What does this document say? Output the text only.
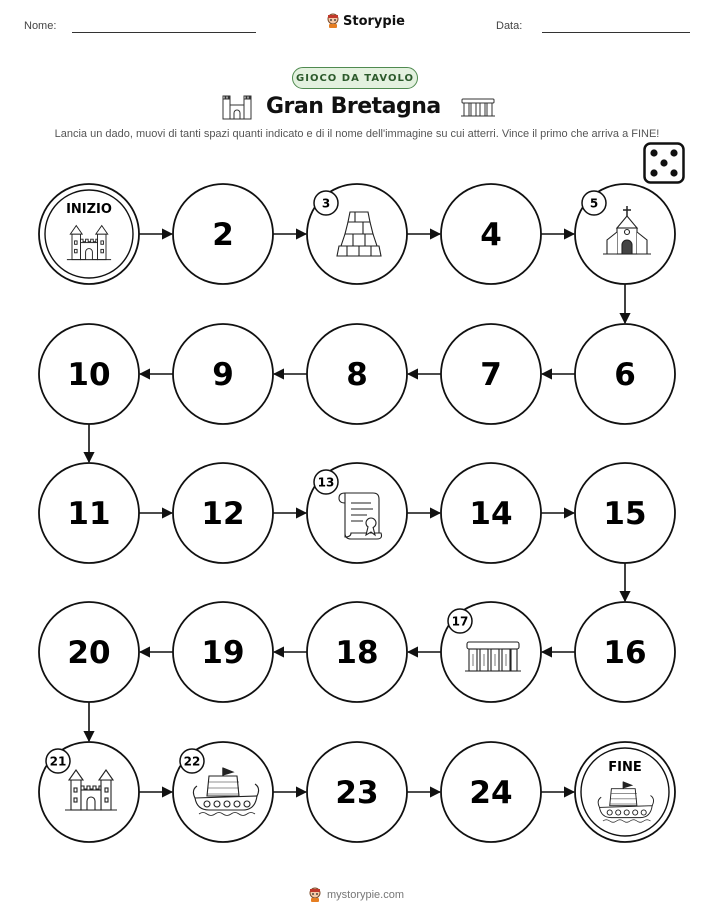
Nome:	Storypie	Data:
GIOCO DA TAVOLO
Gran Bretagna
Lancia un dado, muovi di tanti spazi quanti indicato e di il nome dell'immagine su cui atterri. Vince il primo che arriva a FINE!
INIZIO
2
3
4
5
6
7
8
9
10
11	12
13
14	15
16
17
18
19
20
21	22
23	24
FINE
mystorypie.com
